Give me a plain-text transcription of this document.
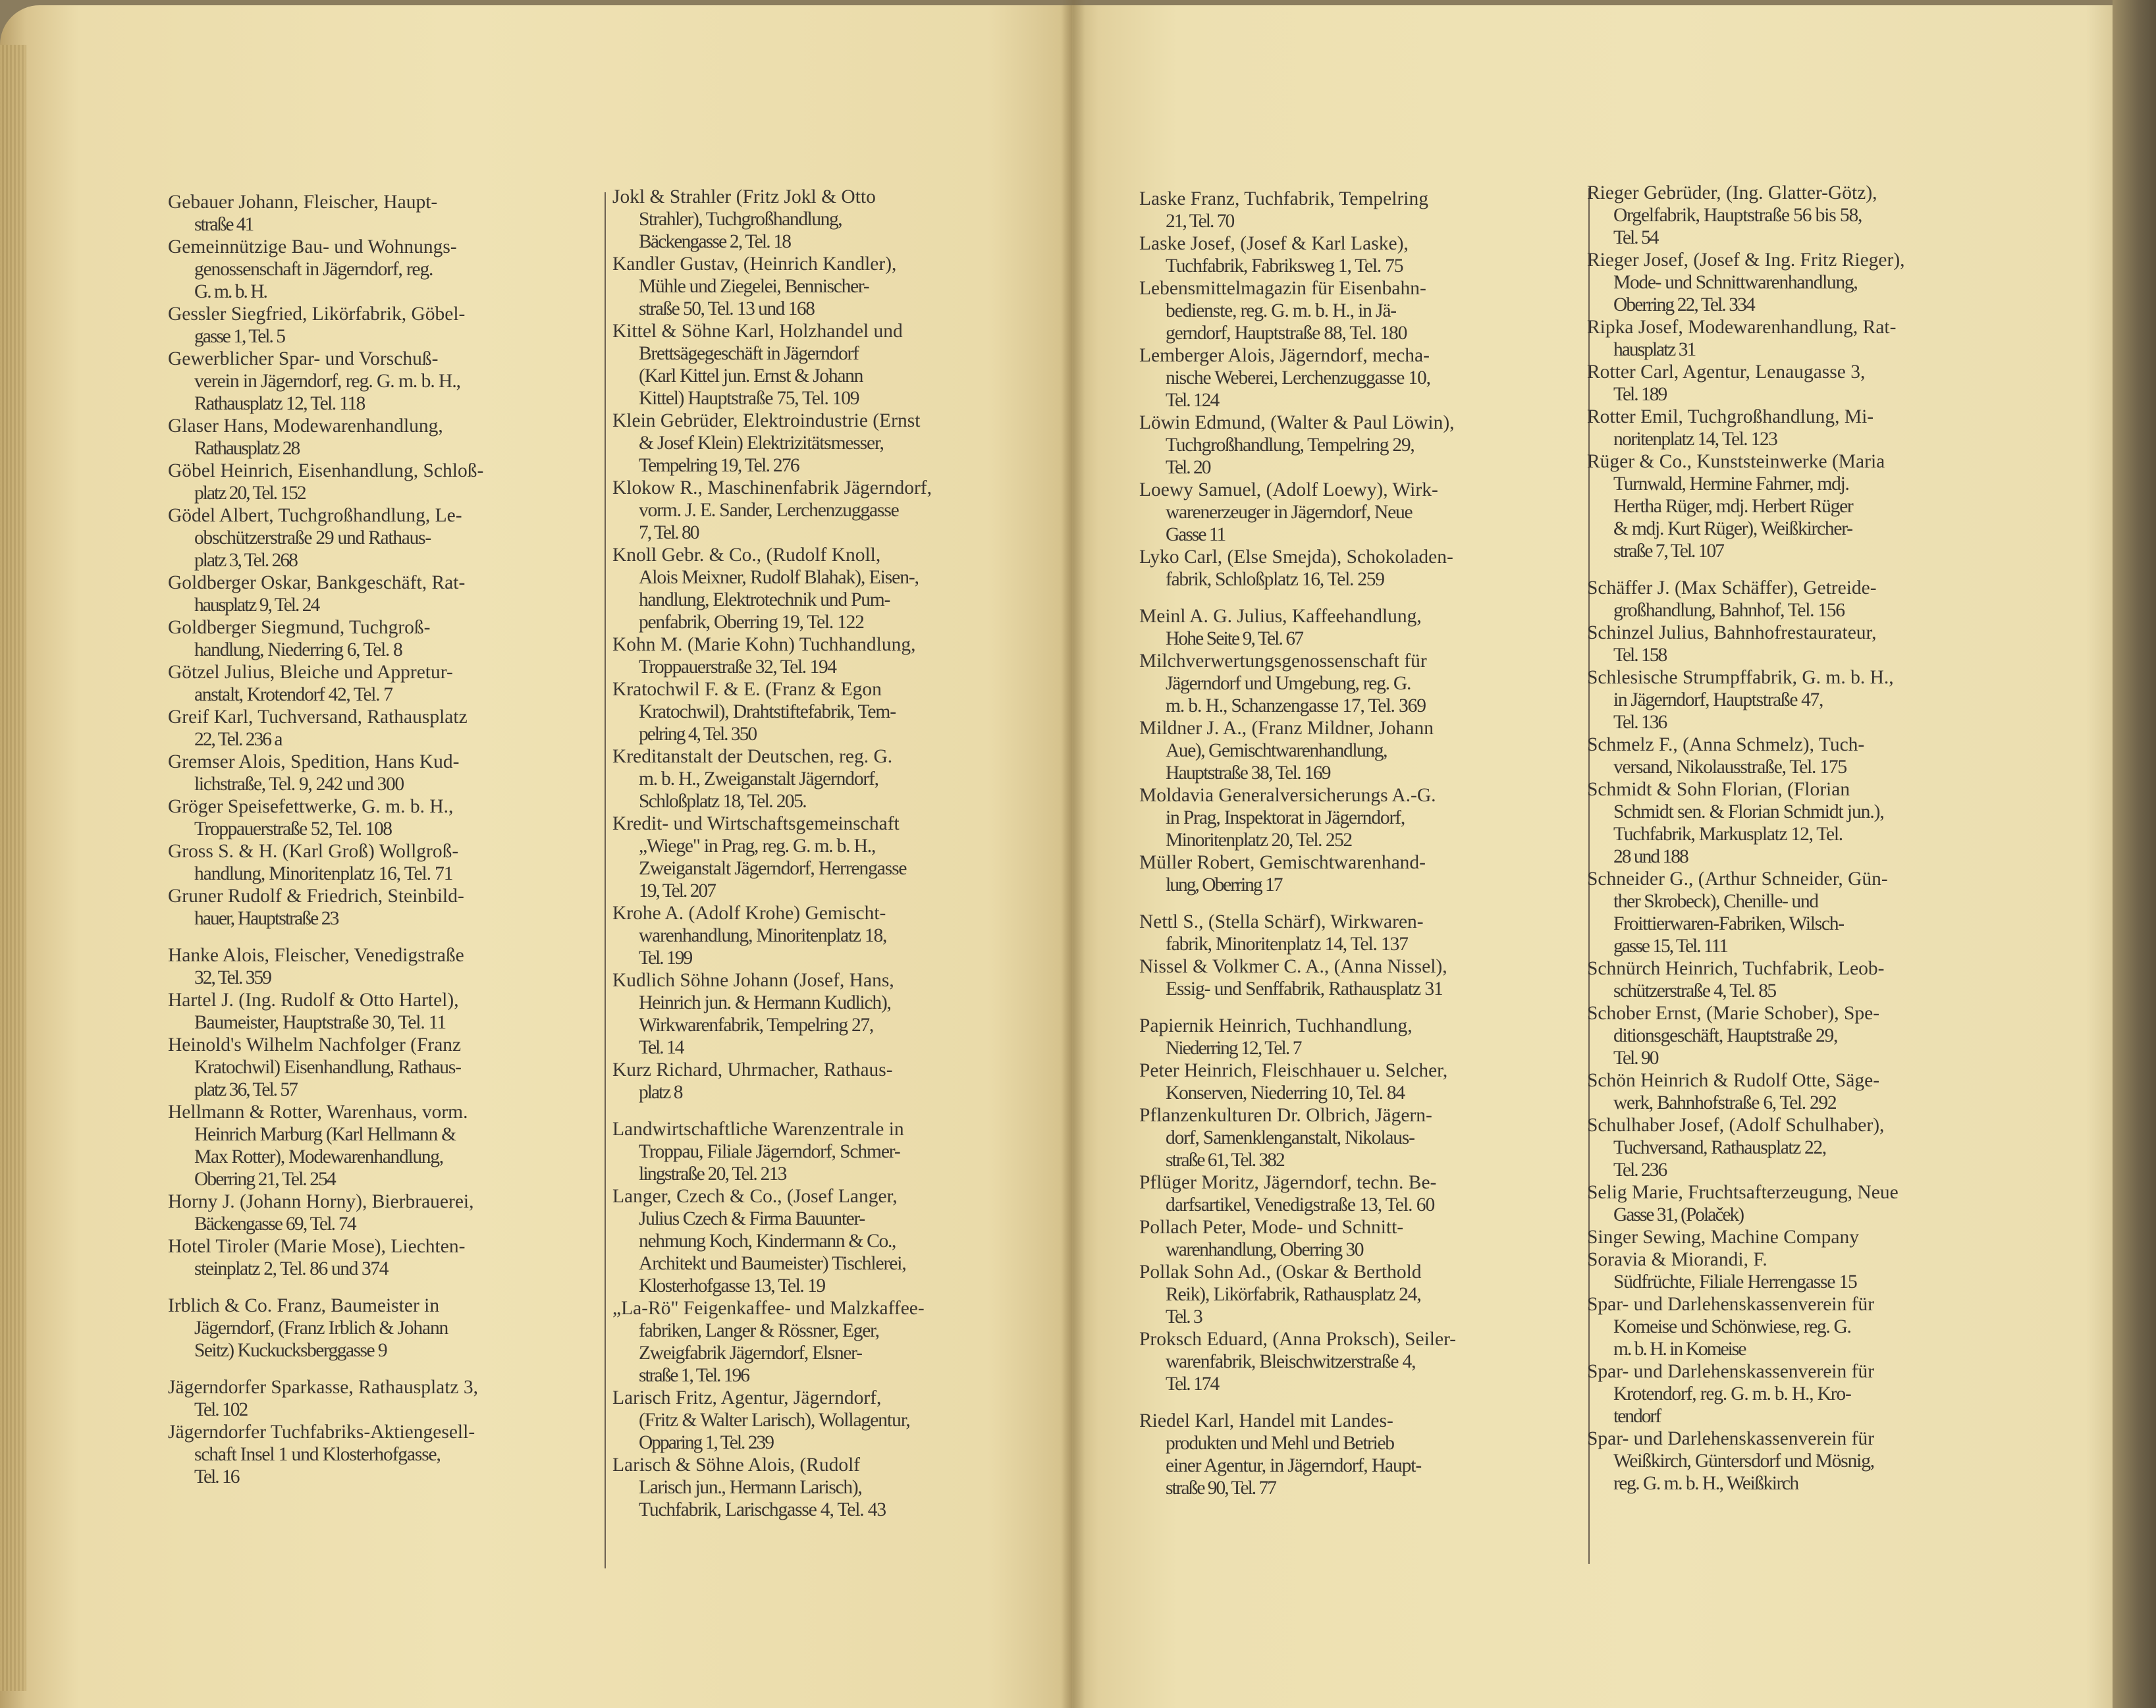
Gebauer Johann, Fleischer, Haupt-
straße 41
Gemeinnützige Bau- und Wohnungs-
genossenschaft in Jägerndorf, reg.
G. m. b. H.
Gessler Siegfried, Likörfabrik, Göbel-
gasse 1, Tel. 5
Gewerblicher Spar- und Vorschuß-
verein in Jägerndorf, reg. G. m. b. H.,
Rathausplatz 12, Tel. 118
Glaser Hans, Modewarenhandlung,
Rathausplatz 28
Göbel Heinrich, Eisenhandlung, Schloß-
platz 20, Tel. 152
Gödel Albert, Tuchgroßhandlung, Le-
obschützerstraße 29 und Rathaus-
platz 3, Tel. 268
Goldberger Oskar, Bankgeschäft, Rat-
hausplatz 9, Tel. 24
Goldberger Siegmund, Tuchgroß-
handlung, Niederring 6, Tel. 8
Götzel Julius, Bleiche und Appretur-
anstalt, Krotendorf 42, Tel. 7
Greif Karl, Tuchversand, Rathausplatz
22, Tel. 236 a
Gremser Alois, Spedition, Hans Kud-
lichstraße, Tel. 9, 242 und 300
Gröger Speisefettwerke, G. m. b. H.,
Troppauerstraße 52, Tel. 108
Gross S. & H. (Karl Groß) Wollgroß-
handlung, Minoritenplatz 16, Tel. 71
Gruner Rudolf & Friedrich, Steinbild-
hauer, Hauptstraße 23
Hanke Alois, Fleischer, Venedigstraße
32, Tel. 359
Hartel J. (Ing. Rudolf & Otto Hartel),
Baumeister, Hauptstraße 30, Tel. 11
Heinold's Wilhelm Nachfolger (Franz
Kratochwil) Eisenhandlung, Rathaus-
platz 36, Tel. 57
Hellmann & Rotter, Warenhaus, vorm.
Heinrich Marburg (Karl Hellmann &
Max Rotter), Modewarenhandlung,
Oberring 21, Tel. 254
Horny J. (Johann Horny), Bierbrauerei,
Bäckengasse 69, Tel. 74
Hotel Tiroler (Marie Mose), Liechten-
steinplatz 2, Tel. 86 und 374
Irblich & Co. Franz, Baumeister in
Jägerndorf, (Franz Irblich & Johann
Seitz) Kuckucksberggasse 9
Jägerndorfer Sparkasse, Rathausplatz 3,
Tel. 102
Jägerndorfer Tuchfabriks-Aktiengesell-
schaft Insel 1 und Klosterhofgasse,
Tel. 16
Jokl & Strahler (Fritz Jokl & Otto
Strahler), Tuchgroßhandlung,
Bäckengasse 2, Tel. 18
Kandler Gustav, (Heinrich Kandler),
Mühle und Ziegelei, Bennischer-
straße 50, Tel. 13 und 168
Kittel & Söhne Karl, Holzhandel und
Brettsägegeschäft in Jägerndorf
(Karl Kittel jun. Ernst & Johann
Kittel) Hauptstraße 75, Tel. 109
Klein Gebrüder, Elektroindustrie (Ernst
& Josef Klein) Elektrizitätsmesser,
Tempelring 19, Tel. 276
Klokow R., Maschinenfabrik Jägerndorf,
vorm. J. E. Sander, Lerchenzuggasse
7, Tel. 80
Knoll Gebr. & Co., (Rudolf Knoll,
Alois Meixner, Rudolf Blahak), Eisen-,
handlung, Elektrotechnik und Pum-
penfabrik, Oberring 19, Tel. 122
Kohn M. (Marie Kohn) Tuchhandlung,
Troppauerstraße 32, Tel. 194
Kratochwil F. & E. (Franz & Egon
Kratochwil), Drahtstiftefabrik, Tem-
pelring 4, Tel. 350
Kreditanstalt der Deutschen, reg. G.
m. b. H., Zweiganstalt Jägerndorf,
Schloßplatz 18, Tel. 205.
Kredit- und Wirtschaftsgemeinschaft
„Wiege" in Prag, reg. G. m. b. H.,
Zweiganstalt Jägerndorf, Herrengasse
19, Tel. 207
Krohe A. (Adolf Krohe) Gemischt-
warenhandlung, Minoritenplatz 18,
Tel. 199
Kudlich Söhne Johann (Josef, Hans,
Heinrich jun. & Hermann Kudlich),
Wirkwarenfabrik, Tempelring 27,
Tel. 14
Kurz Richard, Uhrmacher, Rathaus-
platz 8
Landwirtschaftliche Warenzentrale in
Troppau, Filiale Jägerndorf, Schmer-
lingstraße 20, Tel. 213
Langer, Czech & Co., (Josef Langer,
Julius Czech & Firma Bauunter-
nehmung Koch, Kindermann & Co.,
Architekt und Baumeister) Tischlerei,
Klosterhofgasse 13, Tel. 19
„La-Rö" Feigenkaffee- und Malzkaffee-
fabriken, Langer & Rössner, Eger,
Zweigfabrik Jägerndorf, Elsner-
straße 1, Tel. 196
Larisch Fritz, Agentur, Jägerndorf,
(Fritz & Walter Larisch), Wollagentur,
Opparing 1, Tel. 239
Larisch & Söhne Alois, (Rudolf
Larisch jun., Hermann Larisch),
Tuchfabrik, Larischgasse 4, Tel. 43
Laske Franz, Tuchfabrik, Tempelring
21, Tel. 70
Laske Josef, (Josef & Karl Laske),
Tuchfabrik, Fabriksweg 1, Tel. 75
Lebensmittelmagazin für Eisenbahn-
bedienste, reg. G. m. b. H., in Jä-
gerndorf, Hauptstraße 88, Tel. 180
Lemberger Alois, Jägerndorf, mecha-
nische Weberei, Lerchenzuggasse 10,
Tel. 124
Löwin Edmund, (Walter & Paul Löwin),
Tuchgroßhandlung, Tempelring 29,
Tel. 20
Loewy Samuel, (Adolf Loewy), Wirk-
warenerzeuger in Jägerndorf, Neue
Gasse 11
Lyko Carl, (Else Smejda), Schokoladen-
fabrik, Schloßplatz 16, Tel. 259
Meinl A. G. Julius, Kaffeehandlung,
Hohe Seite 9, Tel. 67
Milchverwertungsgenossenschaft für
Jägerndorf und Umgebung, reg. G.
m. b. H., Schanzengasse 17, Tel. 369
Mildner J. A., (Franz Mildner, Johann
Aue), Gemischtwarenhandlung,
Hauptstraße 38, Tel. 169
Moldavia Generalversicherungs A.-G.
in Prag, Inspektorat in Jägerndorf,
Minoritenplatz 20, Tel. 252
Müller Robert, Gemischtwarenhand-
lung, Oberring 17
Nettl S., (Stella Schärf), Wirkwaren-
fabrik, Minoritenplatz 14, Tel. 137
Nissel & Volkmer C. A., (Anna Nissel),
Essig- und Senffabrik, Rathausplatz 31
Papiernik Heinrich, Tuchhandlung,
Niederring 12, Tel. 7
Peter Heinrich, Fleischhauer u. Selcher,
Konserven, Niederring 10, Tel. 84
Pflanzenkulturen Dr. Olbrich, Jägern-
dorf, Samenklenganstalt, Nikolaus-
straße 61, Tel. 382
Pflüger Moritz, Jägerndorf, techn. Be-
darfsartikel, Venedigstraße 13, Tel. 60
Pollach Peter, Mode- und Schnitt-
warenhandlung, Oberring 30
Pollak Sohn Ad., (Oskar & Berthold
Reik), Likörfabrik, Rathausplatz 24,
Tel. 3
Proksch Eduard, (Anna Proksch), Seiler-
warenfabrik, Bleischwitzerstraße 4,
Tel. 174
Riedel Karl, Handel mit Landes-
produkten und Mehl und Betrieb
einer Agentur, in Jägerndorf, Haupt-
straße 90, Tel. 77
Rieger Gebrüder, (Ing. Glatter-Götz),
Orgelfabrik, Hauptstraße 56 bis 58,
Tel. 54
Rieger Josef, (Josef & Ing. Fritz Rieger),
Mode- und Schnittwarenhandlung,
Oberring 22, Tel. 334
Ripka Josef, Modewarenhandlung, Rat-
hausplatz 31
Rotter Carl, Agentur, Lenaugasse 3,
Tel. 189
Rotter Emil, Tuchgroßhandlung, Mi-
noritenplatz 14, Tel. 123
Rüger & Co., Kunststeinwerke (Maria
Turnwald, Hermine Fahrner, mdj.
Hertha Rüger, mdj. Herbert Rüger
& mdj. Kurt Rüger), Weißkircher-
straße 7, Tel. 107
Schäffer J. (Max Schäffer), Getreide-
großhandlung, Bahnhof, Tel. 156
Schinzel Julius, Bahnhofrestaurateur,
Tel. 158
Schlesische Strumpffabrik, G. m. b. H.,
in Jägerndorf, Hauptstraße 47,
Tel. 136
Schmelz F., (Anna Schmelz), Tuch-
versand, Nikolausstraße, Tel. 175
Schmidt & Sohn Florian, (Florian
Schmidt sen. & Florian Schmidt jun.),
Tuchfabrik, Markusplatz 12, Tel.
28 und 188
Schneider G., (Arthur Schneider, Gün-
ther Skrobeck), Chenille- und
Froittierwaren-Fabriken, Wilsch-
gasse 15, Tel. 111
Schnürch Heinrich, Tuchfabrik, Leob-
schützerstraße 4, Tel. 85
Schober Ernst, (Marie Schober), Spe-
ditionsgeschäft, Hauptstraße 29,
Tel. 90
Schön Heinrich & Rudolf Otte, Säge-
werk, Bahnhofstraße 6, Tel. 292
Schulhaber Josef, (Adolf Schulhaber),
Tuchversand, Rathausplatz 22,
Tel. 236
Selig Marie, Fruchtsafterzeugung, Neue
Gasse 31, (Polaček)
Singer Sewing, Machine Company
Soravia & Miorandi, F.
Südfrüchte, Filiale Herrengasse 15
Spar- und Darlehenskassenverein für
Komeise und Schönwiese, reg. G.
m. b. H. in Komeise
Spar- und Darlehenskassenverein für
Krotendorf, reg. G. m. b. H., Kro-
tendorf
Spar- und Darlehenskassenverein für
Weißkirch, Güntersdorf und Mösnig,
reg. G. m. b. H., Weißkirch
